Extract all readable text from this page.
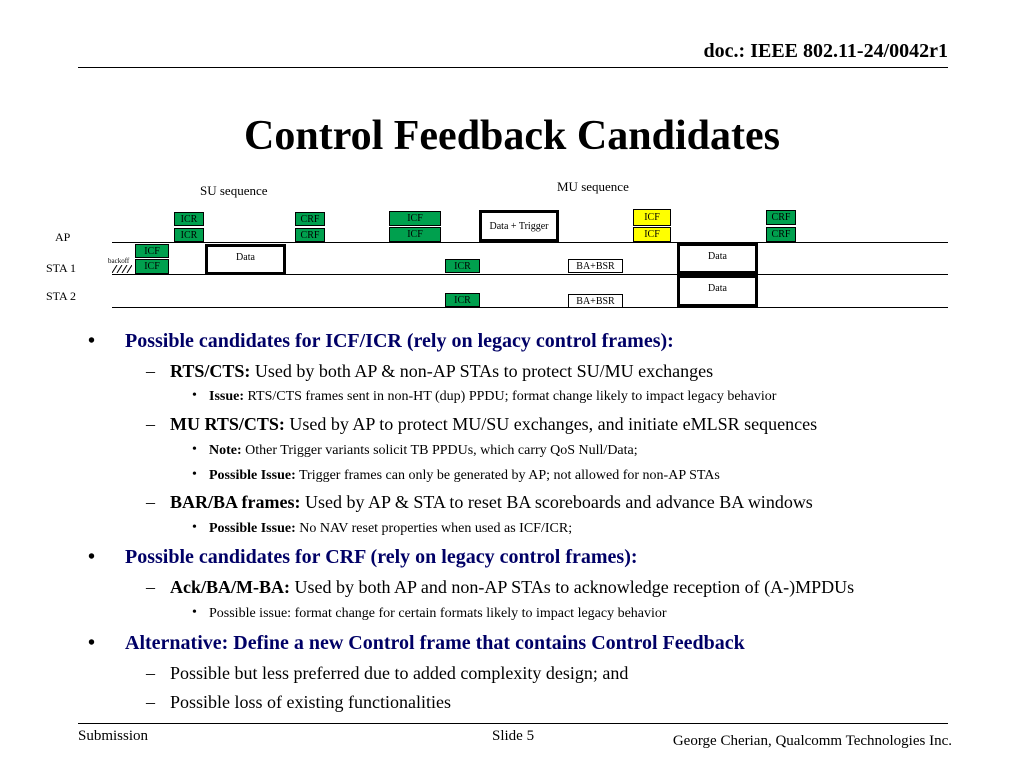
doc.: IEEE 802.11-24/0042r1
Control Feedback Candidates
SU sequence	MU sequence
AP
STA 1
STA 2
ICR
ICR
CRF
CRF
ICF
ICF
Data + Trigger
ICF
ICF
CRF
CRF
ICF
ICF
backoff	Data
ICR	BA+BSR
Data
ICR	BA+BSR
Data
• Possible candidates for ICF/ICR (rely on legacy control frames):
– RTS/CTS: Used by both AP & non-AP STAs to protect SU/MU exchanges
• Issue: RTS/CTS frames sent in non-HT (dup) PPDU; format change likely to impact legacy behavior
– MU RTS/CTS: Used by AP to protect MU/SU exchanges, and initiate eMLSR sequences
• Note: Other Trigger variants solicit TB PPDUs, which carry QoS Null/Data;
• Possible Issue: Trigger frames can only be generated by AP; not allowed for non-AP STAs
– BAR/BA frames: Used by AP & STA to reset BA scoreboards and advance BA windows
• Possible Issue: No NAV reset properties when used as ICF/ICR;
• Possible candidates for CRF (rely on legacy control frames):
– Ack/BA/M-BA: Used by both AP and non-AP STAs to acknowledge reception of (A-)MPDUs
• Possible issue: format change for certain formats likely to impact legacy behavior
• Alternative: Define a new Control frame that contains Control Feedback
– Possible but less preferred due to added complexity design; and
– Possible loss of existing functionalities
Submission	Slide 5	George Cherian, Qualcomm Technologies Inc.
